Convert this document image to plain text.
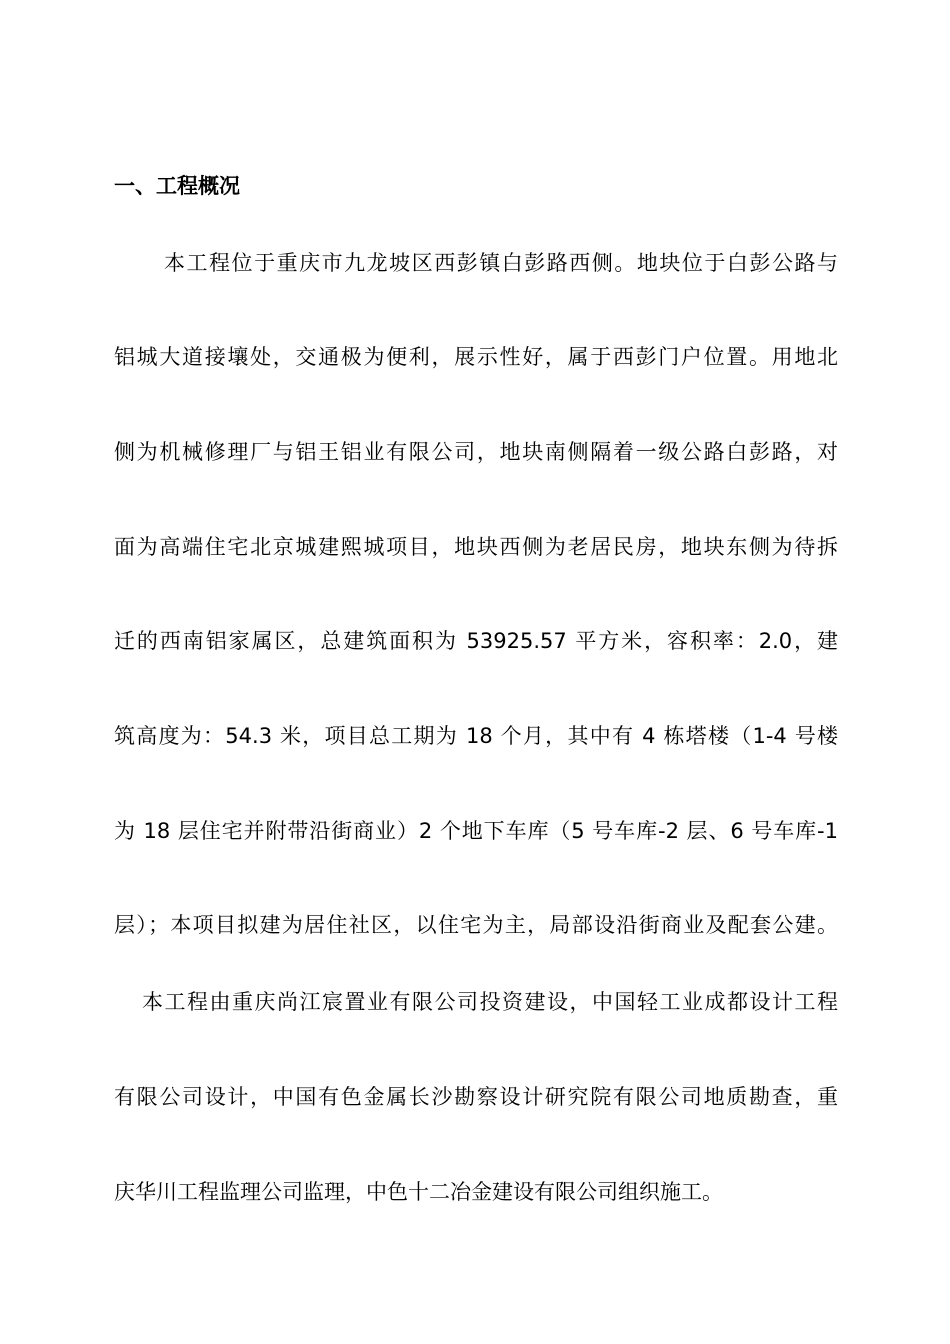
一、工程概况
本工程位于重庆市九龙坡区西彭镇白彭路西侧。地块位于白彭公路与
铝城大道接壤处，交通极为便利，展示性好，属于西彭门户位置。用地北
侧为机械修理厂与铝王铝业有限公司，地块南侧隔着一级公路白彭路，对
面为高端住宅北京城建熙城项目，地块西侧为老居民房，地块东侧为待拆
迁的西南铝家属区，总建筑面积为 53925.57 平方米，容积率：2.0，建
筑高度为：54.3 米，项目总工期为 18 个月，其中有 4 栋塔楼（1-4 号楼
为 18 层住宅并附带沿街商业）2 个地下车库（5 号车库-2 层、6 号车库-1
层）；本项目拟建为居住社区，以住宅为主，局部设沿街商业及配套公建。
本工程由重庆尚江宸置业有限公司投资建设，中国轻工业成都设计工程
有限公司设计，中国有色金属长沙勘察设计研究院有限公司地质勘查，重
庆华川工程监理公司监理，中色十二冶金建设有限公司组织施工。
